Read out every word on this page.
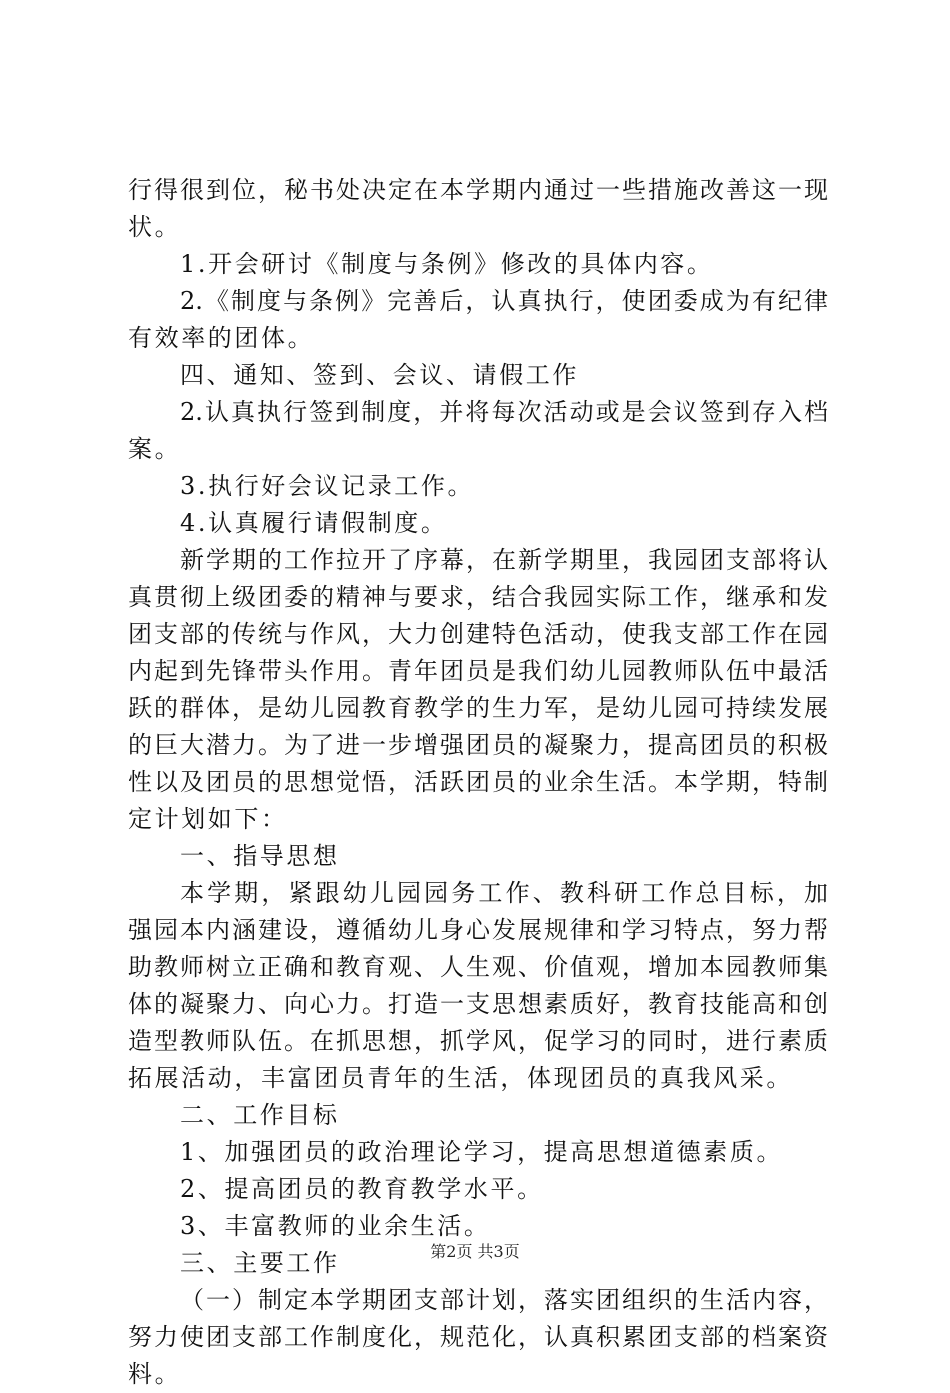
行得很到位，秘书处决定在本学期内通过一些措施改善这一现
状。
1.开会研讨《制度与条例》修改的具体内容。
2.《制度与条例》完善后，认真执行，使团委成为有纪律
有效率的团体。
四、通知、签到、会议、请假工作
2.认真执行签到制度，并将每次活动或是会议签到存入档
案。
3.执行好会议记录工作。
4.认真履行请假制度。
新学期的工作拉开了序幕，在新学期里，我园团支部将认
真贯彻上级团委的精神与要求，结合我园实际工作，继承和发
团支部的传统与作风，大力创建特色活动，使我支部工作在园
内起到先锋带头作用。青年团员是我们幼儿园教师队伍中最活
跃的群体，是幼儿园教育教学的生力军，是幼儿园可持续发展
的巨大潜力。为了进一步增强团员的凝聚力，提高团员的积极
性以及团员的思想觉悟，活跃团员的业余生活。本学期，特制
定计划如下：
一、指导思想
本学期，紧跟幼儿园园务工作、教科研工作总目标，加
强园本内涵建设，遵循幼儿身心发展规律和学习特点，努力帮
助教师树立正确和教育观、人生观、价值观，增加本园教师集
体的凝聚力、向心力。打造一支思想素质好，教育技能高和创
造型教师队伍。在抓思想，抓学风，促学习的同时，进行素质
拓展活动，丰富团员青年的生活，体现团员的真我风采。
二、工作目标
1、加强团员的政治理论学习，提高思想道德素质。
2、提高团员的教育教学水平。
3、丰富教师的业余生活。
三、主要工作
（一）制定本学期团支部计划，落实团组织的生活内容，
努力使团支部工作制度化，规范化，认真积累团支部的档案资
料。
第2页 共3页
